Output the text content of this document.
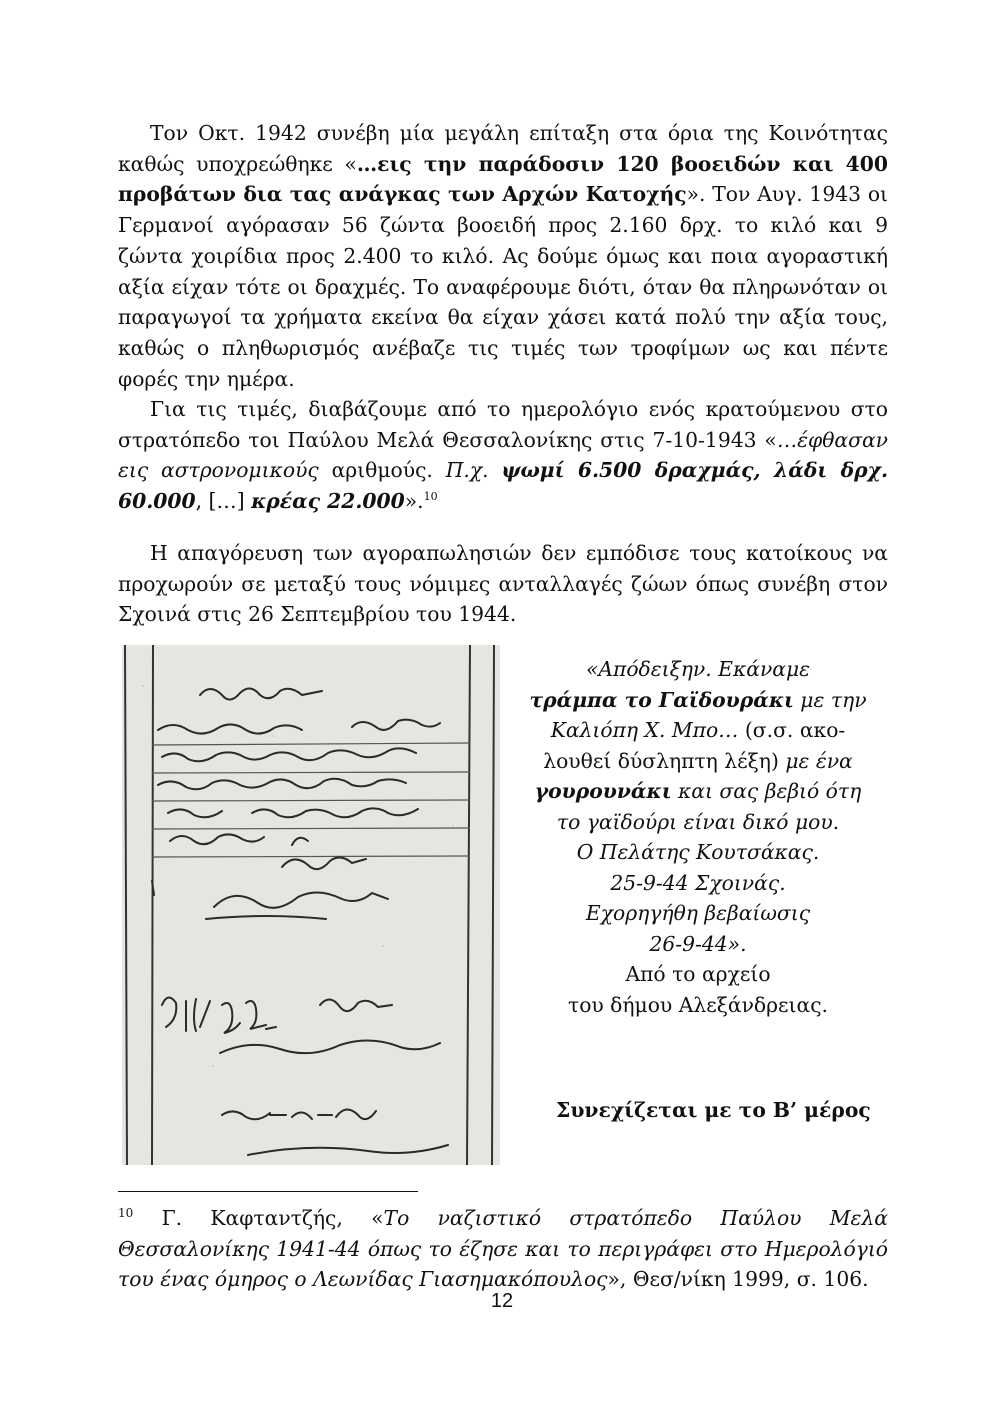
Τον Οκτ. 1942 συνέβη μία μεγάλη επίταξη στα όρια της Κοινότητας καθώς υποχρεώθηκε «…εις την παράδοσιν 120 βοοειδών και 400 προβάτων δια τας ανάγκας των Αρχών Κατοχής». Τον Αυγ. 1943 οι Γερμανοί αγόρασαν 56 ζώντα βοοειδή προς 2.160 δρχ. το κιλό και 9 ζώντα χοιρίδια προς 2.400 το κιλό. Ας δούμε όμως και ποια αγοραστική αξία είχαν τότε οι δραχμές. Το αναφέρουμε διότι, όταν θα πληρωνόταν οι παραγωγοί τα χρήματα εκείνα θα είχαν χάσει κατά πολύ την αξία τους, καθώς ο πληθωρισμός ανέβαζε τις τιμές των τροφίμων ως και πέντε φορές την ημέρα.

Για τις τιμές, διαβάζουμε από το ημερολόγιο ενός κρατούμενου στο στρατόπεδο τοι Παύλου Μελά Θεσσαλονίκης στις 7-10-1943 «…έφθασαν εις αστρονομικούς αριθμούς. Π.χ. ψωμί 6.500 δραχμάς, λάδι δρχ. 60.000, […] κρέας 22.000».$^{10}$

Η απαγόρευση των αγοραπωλησιών δεν εμπόδισε τους κατοίκους να προχωρούν σε μεταξύ τους νόμιμες ανταλλαγές ζώων όπως συνέβη στον Σχοινά στις 26 Σεπτεμβρίου του 1944.

«Απόδειξην. Εκάναμε
τράμπα το Γαϊδουράκι με την
Καλιόπη Χ. Μπο… (σ.σ. ακο-
λουθεί δύσληπτη λέξη) με ένα
γουρουνάκι και σας βεβιό ότη
το γαϊδούρι είναι δικό μου.
Ο Πελάτης Κουτσάκας.
25-9-44 Σχοινάς.
Εχορηγήθη βεβαίωσις
26-9-44».
Από το αρχείο
του δήμου Αλεξάνδρειας.

Συνεχίζεται με το Β’ μέρος

$^{10}$ Γ. Καφταντζής, «Το ναζιστικό στρατόπεδο Παύλου Μελά Θεσσαλονίκης 1941-44 όπως το έζησε και το περιγράφει στο Ημερολόγιό του ένας όμηρος ο Λεωνίδας Γιασημακόπουλος», Θεσ/νίκη 1999, σ. 106.

12
